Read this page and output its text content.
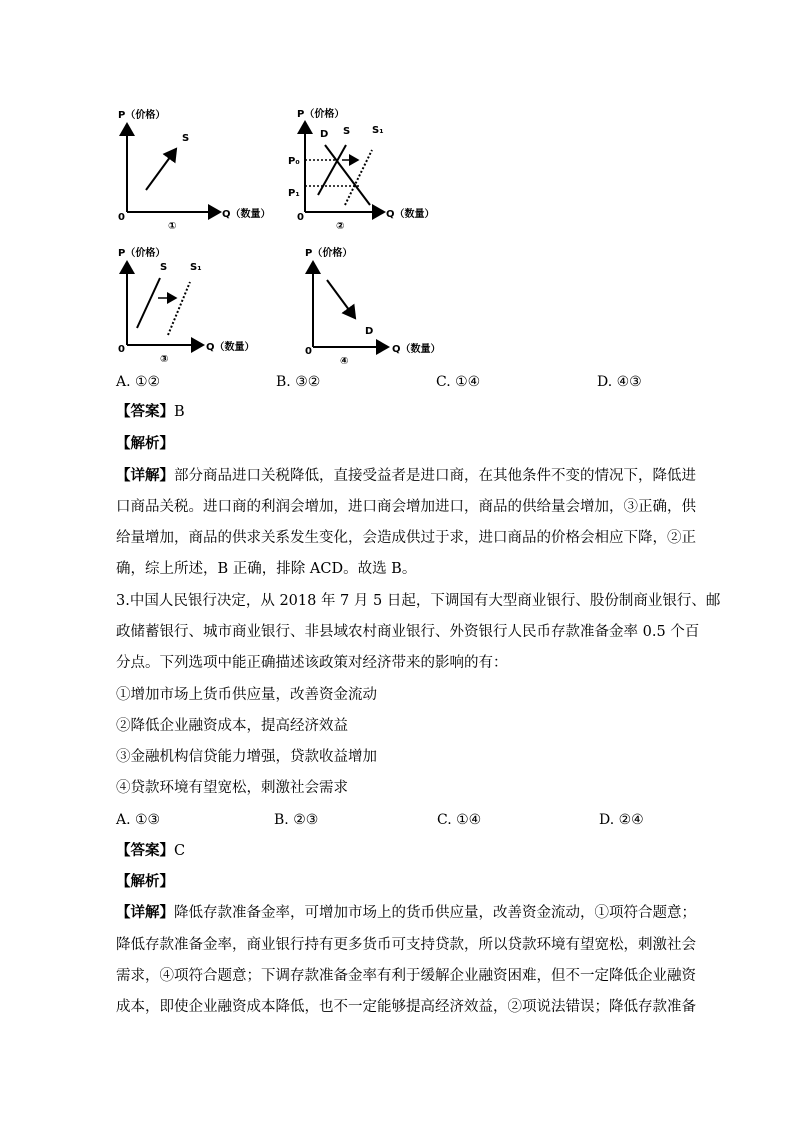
P（价格）
Q（数量）
0
S
①
P（价格）
Q（数量）
0
D S S₁
P₀
P₁
②
P（价格）
Q（数量）
0
S S₁
③
P（价格）
Q（数量）
0
D
④
A. ①②	B. ③②	C. ①④	D. ④③
【答案】B
【解析】
【详解】部分商品进口关税降低，直接受益者是进口商，在其他条件不变的情况下，降低进
口商品关税。进口商的利润会增加，进口商会增加进口，商品的供给量会增加，③正确，供
给量增加，商品的供求关系发生变化，会造成供过于求，进口商品的价格会相应下降，②正
确，综上所述，B 正确，排除 ACD。故选 B。
3.中国人民银行决定，从 2018 年 7 月 5 日起，下调国有大型商业银行、股份制商业银行、邮
政储蓄银行、城市商业银行、非县域农村商业银行、外资银行人民币存款准备金率 0.5 个百
分点。下列选项中能正确描述该政策对经济带来的影响的有：
①增加市场上货币供应量，改善资金流动
②降低企业融资成本，提高经济效益
③金融机构信贷能力增强，贷款收益增加
④贷款环境有望宽松，刺激社会需求
A. ①③	B. ②③	C. ①④	D. ②④
【答案】C
【解析】
【详解】降低存款准备金率，可增加市场上的货币供应量，改善资金流动，①项符合题意；
降低存款准备金率，商业银行持有更多货币可支持贷款，所以贷款环境有望宽松，刺激社会
需求，④项符合题意；下调存款准备金率有利于缓解企业融资困难，但不一定降低企业融资
成本，即使企业融资成本降低，也不一定能够提高经济效益，②项说法错误；降低存款准备
